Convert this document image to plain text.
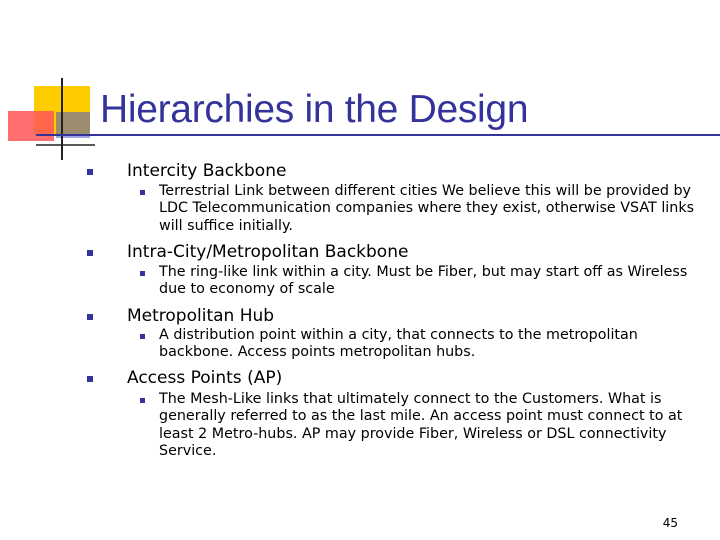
Hierarchies in the Design
Intercity Backbone
Terrestrial Link between different cities We believe this will be provided by LDC Telecommunication companies where they exist, otherwise VSAT links will suffice initially.
Intra-City/Metropolitan Backbone
The ring-like link within a city. Must be Fiber, but may start off as Wireless due to economy of scale
Metropolitan Hub
A distribution point within a city, that connects to the metropolitan backbone. Access points metropolitan hubs.
Access Points (AP)
The Mesh-Like links that ultimately connect to the Customers. What is generally referred to as the last mile. An access point must connect to at least 2 Metro-hubs. AP may provide Fiber, Wireless or DSL connectivity Service.
45
